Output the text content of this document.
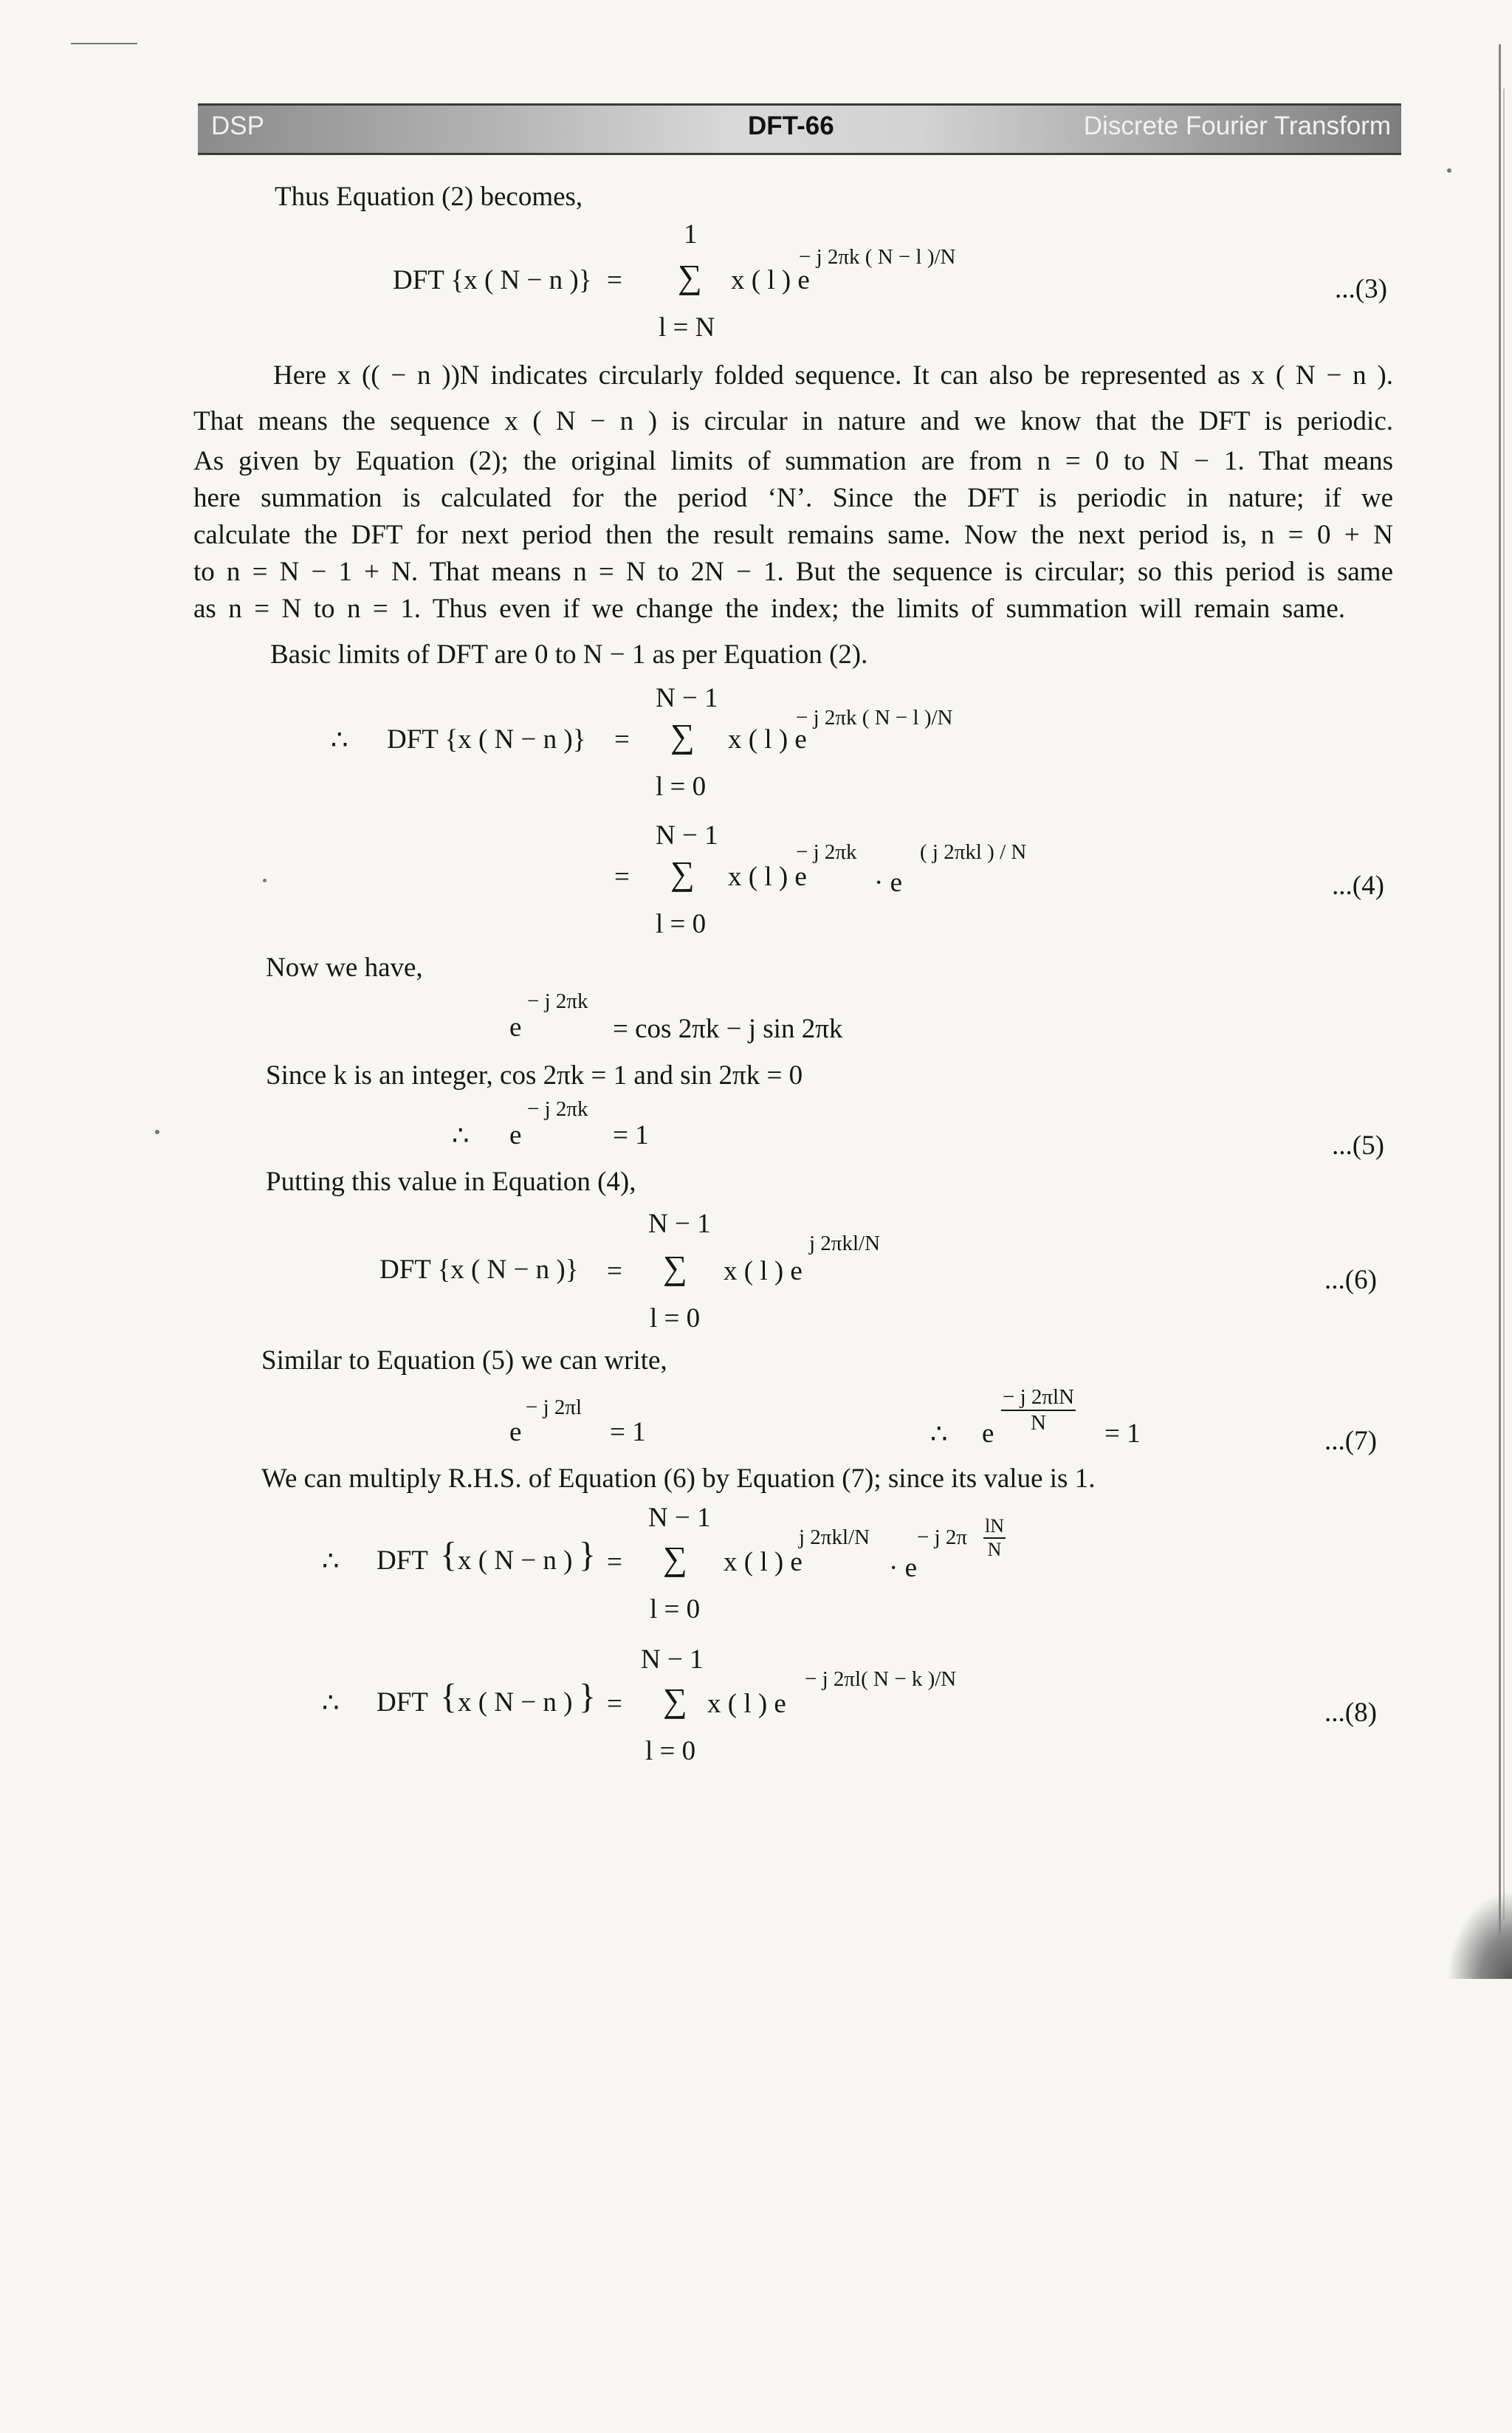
DSP	DFT-66	Discrete Fourier Transform
Thus Equation (2) becomes,
1
DFT {x ( N − n )} = ∑ x ( l ) e
− j 2πk ( N − l )/N
...(3)
l = N
Here x (( − n ))N indicates circularly folded sequence. It can also be represented as x ( N − n ).
That means the sequence x ( N − n ) is circular in nature and we know that the DFT is periodic.
As given by Equation (2); the original limits of summation are from n = 0 to N − 1. That means
here summation is calculated for the period ‘N’. Since the DFT is periodic in nature; if we
calculate the DFT for next period then the result remains same. Now the next period is, n = 0 + N
to n = N − 1 + N. That means n = N to 2N − 1. But the sequence is circular; so this period is same
as n = N to n = 1. Thus even if we change the index; the limits of summation will remain same.
Basic limits of DFT are 0 to N − 1 as per Equation (2).
N − 1
∴ DFT {x ( N − n )} = ∑ x ( l ) e
− j 2πk ( N − l )/N
l = 0
N − 1
= ∑ x ( l ) e
− j 2πk
· e
( j 2πkl ) / N
...(4)
l = 0
Now we have,
− j 2πk
e	= cos 2πk − j sin 2πk
Since k is an integer, cos 2πk = 1 and sin 2πk = 0
∴
− j 2πk
e	= 1	...(5)
Putting this value in Equation (4),
N − 1
DFT {x ( N − n )} = ∑ x ( l ) e
j 2πkl/N
...(6)
l = 0
Similar to Equation (5) we can write,
− j 2πl
e	= 1	∴ e
− j 2πlN
N	= 1	...(7)
We can multiply R.H.S. of Equation (6) by Equation (7); since its value is 1.
N − 1
∴ DFT { x ( N − n ) } = ∑ x ( l ) e
j 2πkl/N
· e
− j $2\pi \frac{lN}{N}$
l = 0
N − 1
∴ DFT { x ( N − n ) } = ∑ x ( l ) e
− j 2πl( N − k )/N
...(8)
l = 0
